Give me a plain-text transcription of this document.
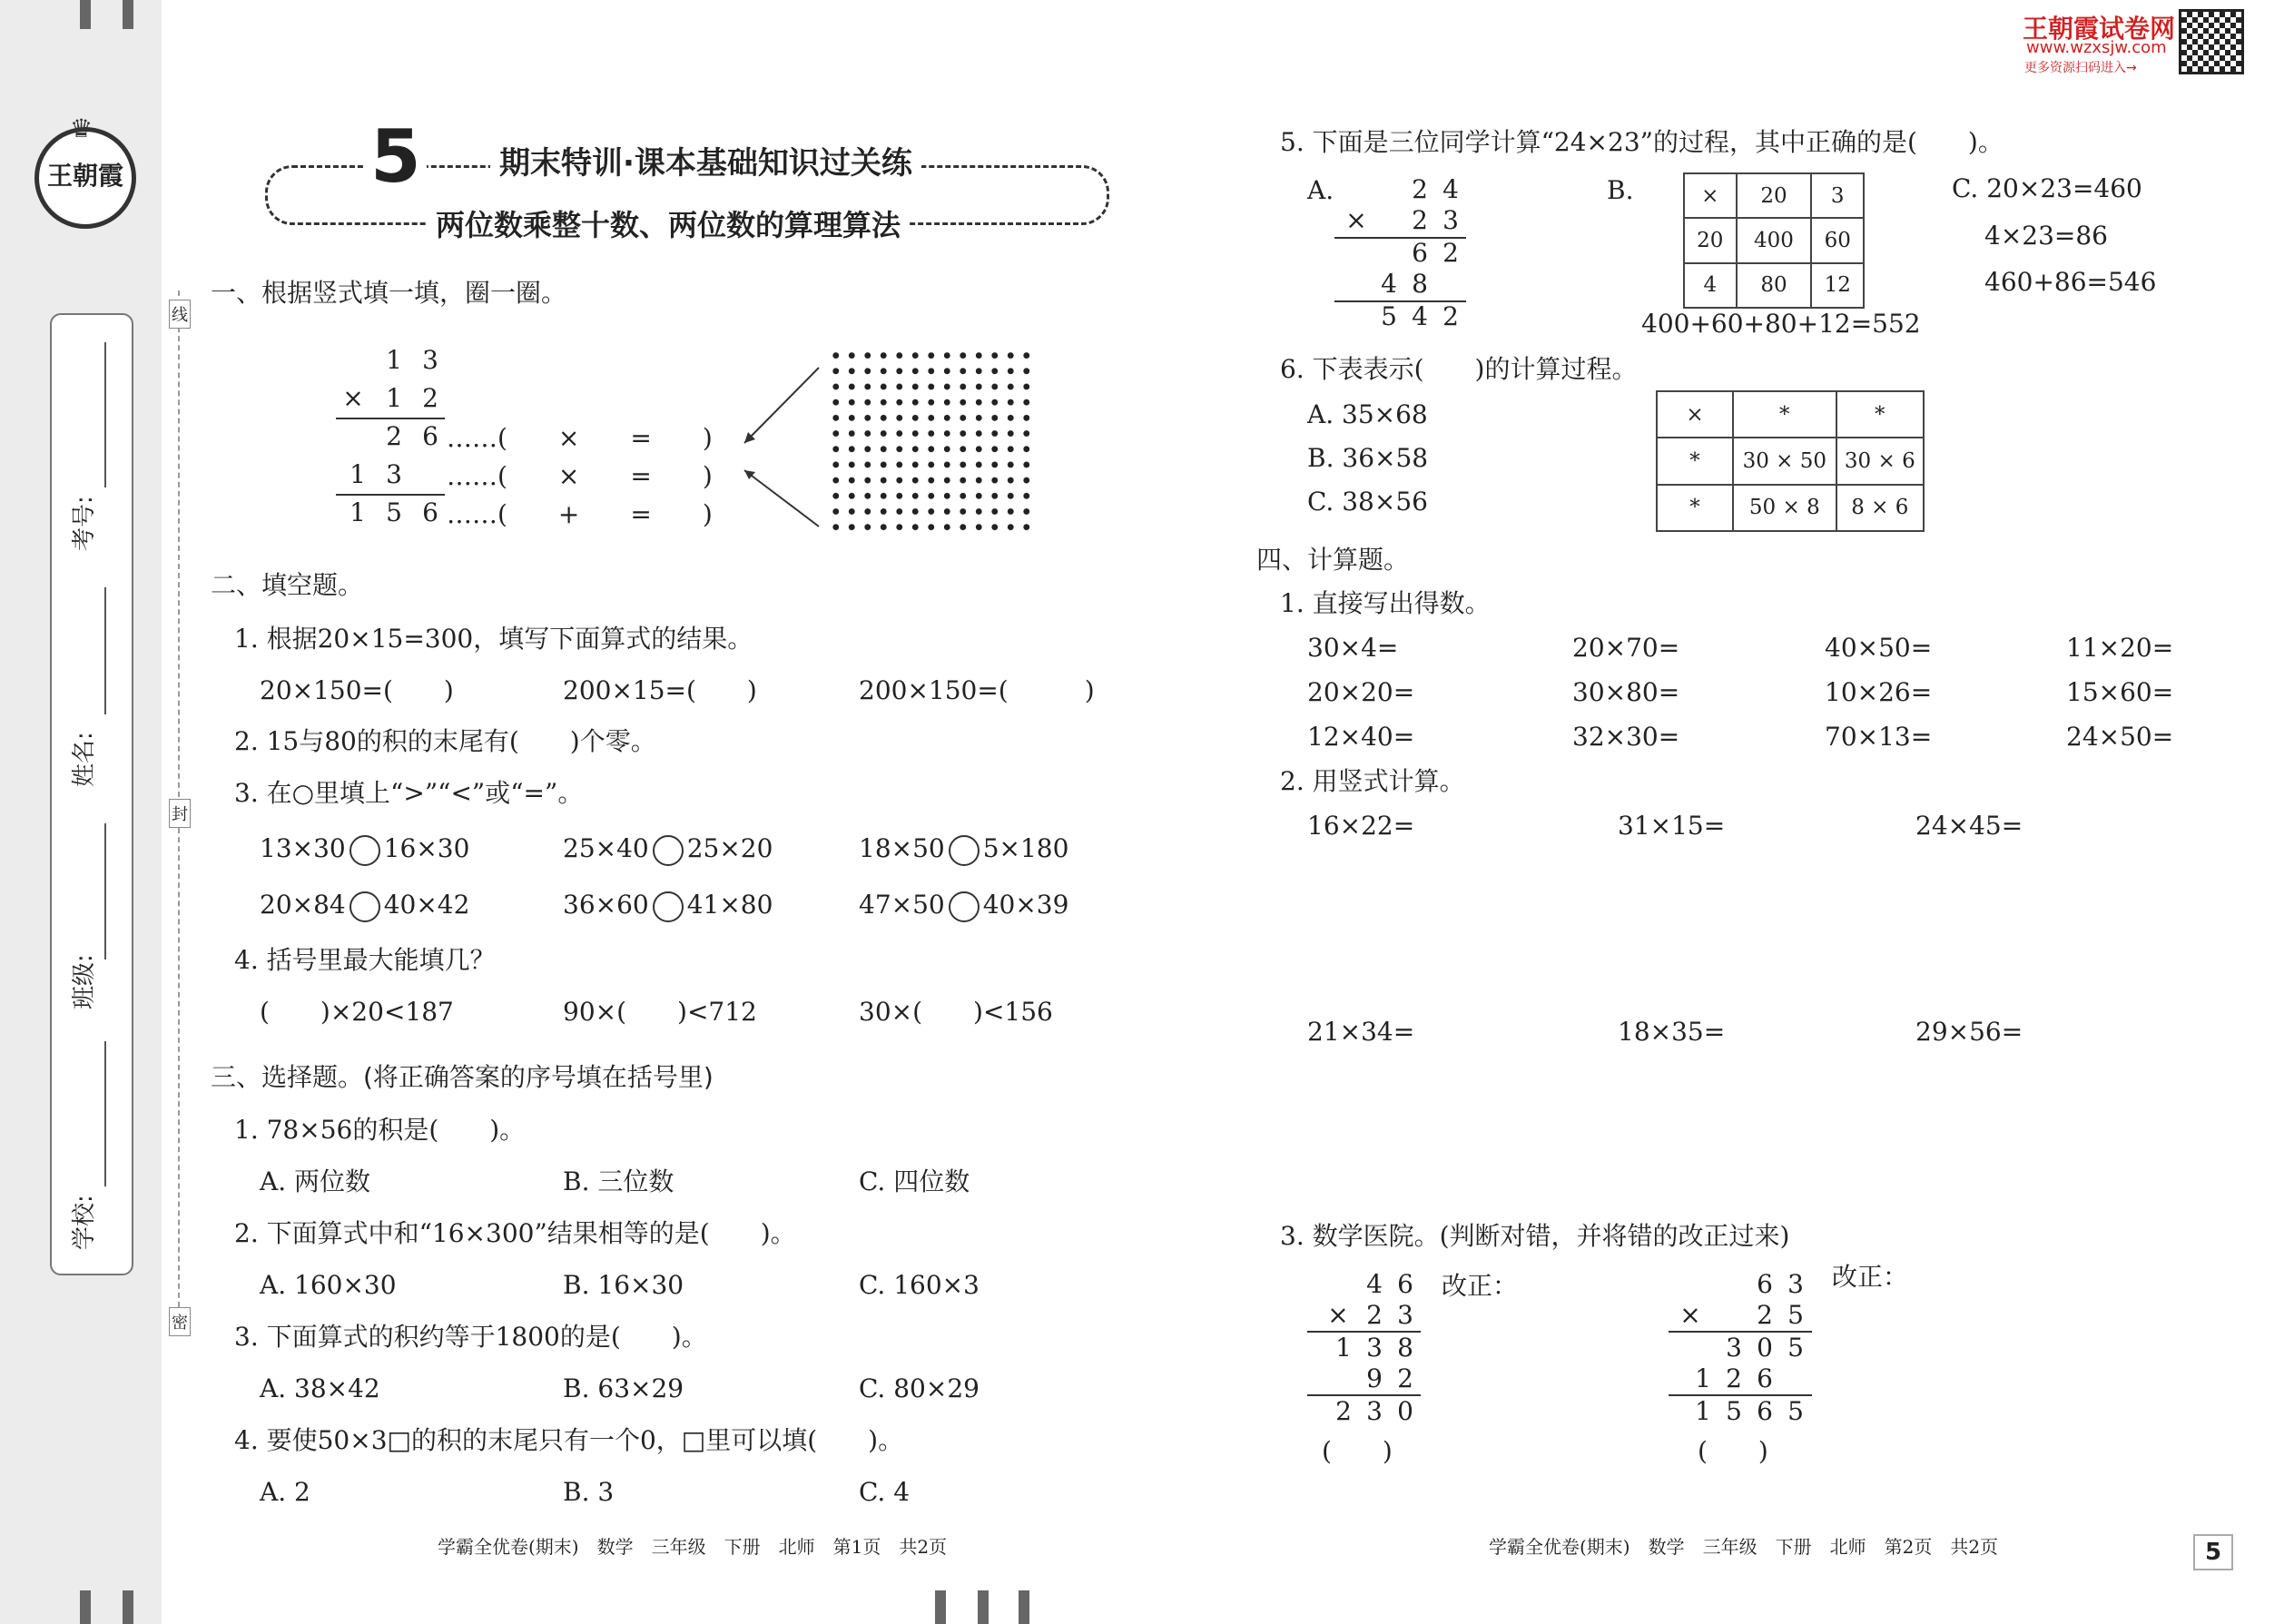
♛
王朝霞
考号:
姓名:
班级:
学校:
线
封
密
5	期末特训·课本基础知识过关练
两位数乘整十数、两位数的算理算法
王朝霞试卷网
www.wzxsjw.com
更多资源扫码进入→
一、根据竖式填一填，圈一圈。
1 3
× 1 2
2 6 ……(　　×　　=　　)
1 3 ……(　　×　　=　　)
1 5 6 ……(　　+　　=　　)
二、填空题。
1. 根据20×15=300，填写下面算式的结果。
20×150=(　　)	200×15=(　　)	200×150=(　　　)
2. 15与80的积的末尾有(　　)个零。
3. 在○里填上“>”“<”或“=”。
13×30 16×30	25×40 25×20	18×50 5×180
20×84 40×42	36×60 41×80	47×50 40×39
4. 括号里最大能填几？
(　　)×20<187	90×(　　)<712	30×(　　)<156
三、选择题。(将正确答案的序号填在括号里)
1. 78×56的积是(　　)。
A. 两位数	B. 三位数	C. 四位数
2. 下面算式中和“16×300”结果相等的是(　　)。
A. 160×30	B. 16×30	C. 160×3
3. 下面算式的积约等于1800的是(　　)。
A. 38×42	B. 63×29	C. 80×29
4. 要使50×3□的积的末尾只有一个0，□里可以填(　　)。
A. 2	B. 3	C. 4
学霸全优卷(期末)　数学　三年级　下册　北师　第1页　共2页
5. 下面是三位同学计算“24×23”的过程，其中正确的是(　　)。
A.	2 4
× 2 3
6 2
4 8
5 4 2
B.	×	20	3
20	400	60
4	80	12
400+60+80+12=552
C. 20×23=460
4×23=86
460+86=546
6. 下表表示(　　)的计算过程。
A. 35×68
B. 36×58
C. 38×56
×	*	*
*	30 × 50	30 × 6
*	50 × 8	8 × 6
四、计算题。
1. 直接写出得数。
30×4=	20×70=	40×50=	11×20=
20×20=	30×80=	10×26=	15×60=
12×40=	32×30=	70×13=	24×50=
2. 用竖式计算。
16×22=	31×15=	24×45=
21×34=	18×35=	29×56=
3. 数学医院。(判断对错，并将错的改正过来)
4 6
× 2 3
1 3 8
9 2
2 3 0
改正：
(　　)
6 3
× 2 5
3 0 5
1 2 6
1 5 6 5
改正：
(　　)
学霸全优卷(期末)　数学　三年级　下册　北师　第2页　共2页	5
